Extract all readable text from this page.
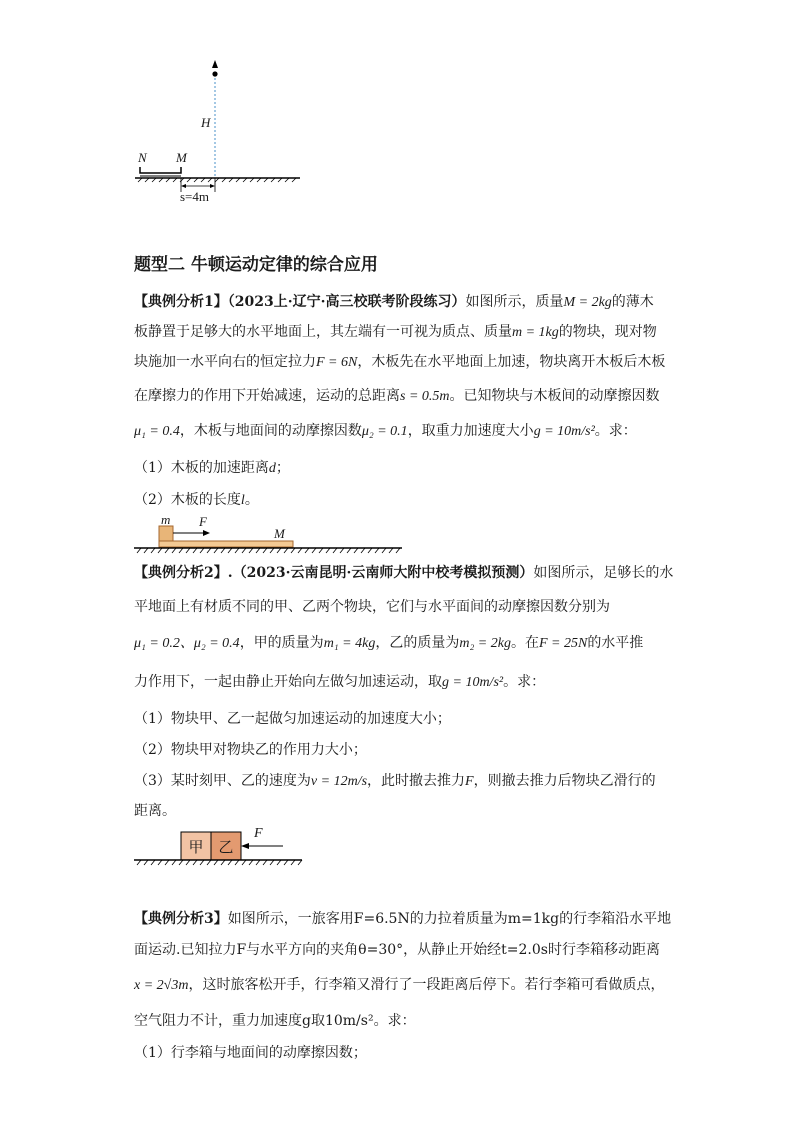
N M
H
s=4m
题型二 牛顿运动定律的综合应用
【典例分析1】（2023上·辽宁·高三校联考阶段练习）如图所示，质量M = 2kg的薄木
板静置于足够大的水平地面上，其左端有一可视为质点、质量m = 1kg的物块，现对物
块施加一水平向右的恒定拉力F = 6N，木板先在水平地面上加速，物块离开木板后木板
在摩擦力的作用下开始减速，运动的总距离s = 0.5m。已知物块与木板间的动摩擦因数
μ₁ = 0.4，木板与地面间的动摩擦因数μ₂ = 0.1，取重力加速度大小g = 10m/s²。求：
（1）木板的加速距离d；
（2）木板的长度l。
m F
M
【典例分析2】.（2023·云南昆明·云南师大附中校考模拟预测）如图所示，足够长的水
平地面上有材质不同的甲、乙两个物块，它们与水平面间的动摩擦因数分别为
μ₁ = 0.2、μ₂ = 0.4，甲的质量为m₁ = 4kg，乙的质量为m₂ = 2kg。在F = 25N的水平推
力作用下，一起由静止开始向左做匀加速运动，取g = 10m/s²。求：
（1）物块甲、乙一起做匀加速运动的加速度大小；
（2）物块甲对物块乙的作用力大小；
（3）某时刻甲、乙的速度为v = 12m/s，此时撤去推力F，则撤去推力后物块乙滑行的
距离。
甲 乙
F
【典例分析3】如图所示，一旅客用F=6.5N的力拉着质量为m=1kg的行李箱沿水平地
面运动.已知拉力F与水平方向的夹角θ=30°，从静止开始经t=2.0s时行李箱移动距离
x = 2√3m，这时旅客松开手，行李箱又滑行了一段距离后停下。若行李箱可看做质点，
空气阻力不计，重力加速度g取10m/s²。求：
（1）行李箱与地面间的动摩擦因数；
